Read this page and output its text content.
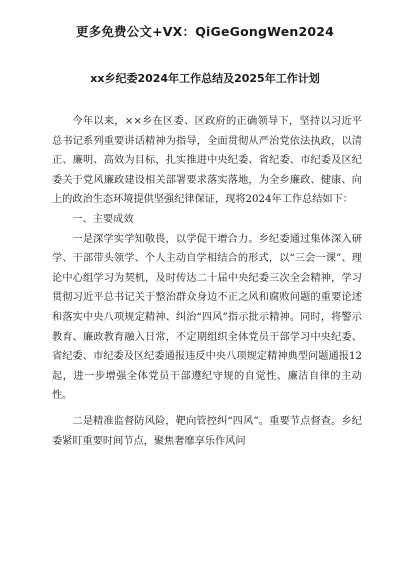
更多免费公文+VX：QiGeGongWen2024
xx乡纪委2024年工作总结及2025年工作计划

今年以来，××乡在区委、区政府的正确领导下，坚持以习近平总书记系列重要讲话精神为指导，全面贯彻从严治党依法执政，以清正、廉明、高效为目标，扎实推进中央纪委、省纪委、市纪委及区纪委关于党风廉政建设相关部署要求落实落地，为全乡廉政、健康、向上的政治生态环境提供坚强纪律保证，现将2024年工作总结如下：

一、主要成效

一是深学实学知敬畏，以学促干增合力。乡纪委通过集体深入研学、干部带头领学、个人主动自学相结合的形式，以“三会一课”、理论中心组学习为契机，及时传达二十届中央纪委三次全会精神，学习贯彻习近平总书记关于整治群众身边不正之风和腐败问题的重要论述和落实中央八项规定精神、纠治“四风”指示批示精神。同时，将警示教育、廉政教育融入日常，不定期组织全体党员干部学习中央纪委、省纪委、市纪委及区纪委通报违反中央八项规定精神典型问题通报12起，进一步增强全体党员干部遵纪守规的自觉性、廉洁自律的主动性。

二是精准监督防风险，靶向管控纠“四风”。重要节点督查。乡纪委紧盯重要时间节点，聚焦奢靡享乐作风问
